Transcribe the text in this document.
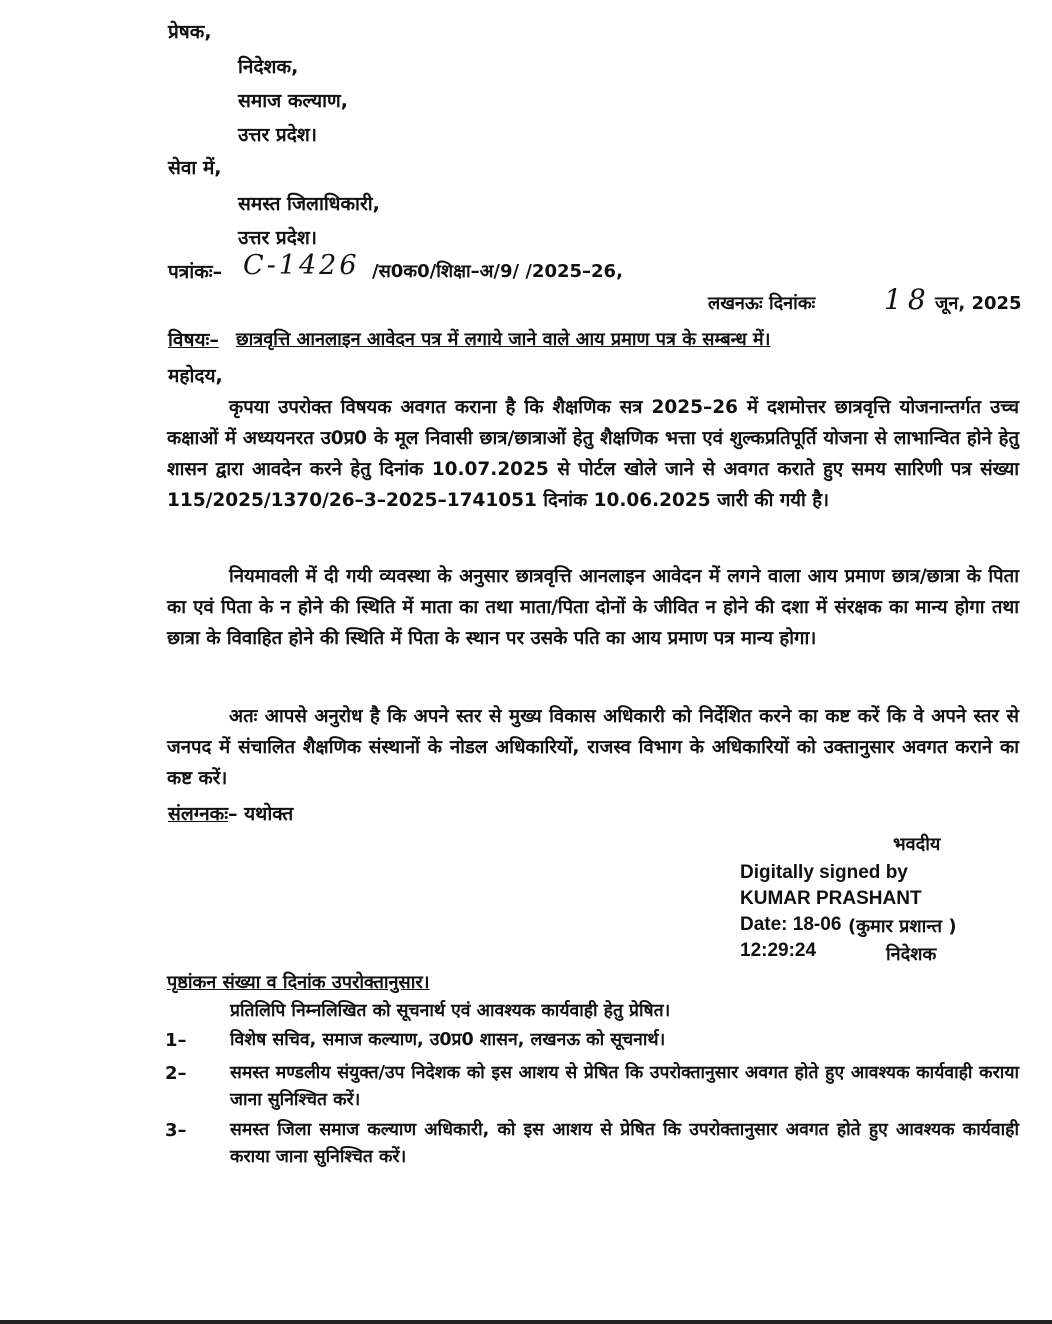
प्रेषक,
निदेशक,
समाज कल्याण,
उत्तर प्रदेश।
सेवा में,
समस्त जिलाधिकारी,
उत्तर प्रदेश।
पत्रांकः– C-1426 /स0क0/शिक्षा–अ/9/ /2025–26,
लखनऊः दिनांकः 18 जून, 2025
विषयः– छात्रवृत्ति आनलाइन आवेदन पत्र में लगाये जाने वाले आय प्रमाण पत्र के सम्बन्ध में।
महोदय,
कृपया उपरोक्त विषयक अवगत कराना है कि शैक्षणिक सत्र 2025–26 में दशमोत्तर छात्रवृत्ति योजनान्तर्गत उच्च कक्षाओं में अध्ययनरत उ0प्र0 के मूल निवासी छात्र/छात्राओं हेतु शैक्षणिक भत्ता एवं शुल्कप्रतिपूर्ति योजना से लाभान्वित होने हेतु शासन द्वारा आवदेन करने हेतु दिनांक 10.07.2025 से पोर्टल खोले जाने से अवगत कराते हुए समय सारिणी पत्र संख्या 115/2025/1370/26–3–2025–1741051 दिनांक 10.06.2025 जारी की गयी है।
नियमावली में दी गयी व्यवस्था के अनुसार छात्रवृत्ति आनलाइन आवेदन में लगने वाला आय प्रमाण छात्र/छात्रा के पिता का एवं पिता के न होने की स्थिति में माता का तथा माता/पिता दोनों के जीवित न होने की दशा में संरक्षक का मान्य होगा तथा छात्रा के विवाहित होने की स्थिति में पिता के स्थान पर उसके पति का आय प्रमाण पत्र मान्य होगा।
अतः आपसे अनुरोध है कि अपने स्तर से मुख्य विकास अधिकारी को निर्देशित करने का कष्ट करें कि वे अपने स्तर से जनपद में संचालित शैक्षणिक संस्थानों के नोडल अधिकारियों, राजस्व विभाग के अधिकारियों को उक्तानुसार अवगत कराने का कष्ट करें।
संलग्नकः– यथोक्त
भवदीय
Digitally signed by
KUMAR PRASHANT
Date: 18-06 (कुमार प्रशान्त )
12:29:24	निदेशक
पृष्ठांकन संख्या व दिनांक उपरोक्तानुसार।
प्रतिलिपि निम्नलिखित को सूचनार्थ एवं आवश्यक कार्यवाही हेतु प्रेषित।
1– विशेष सचिव, समाज कल्याण, उ0प्र0 शासन, लखनऊ को सूचनार्थ।
2– समस्त मण्डलीय संयुक्त/उप निदेशक को इस आशय से प्रेषित कि उपरोक्तानुसार अवगत होते हुए आवश्यक कार्यवाही कराया जाना सुनिश्चित करें।
3– समस्त जिला समाज कल्याण अधिकारी, को इस आशय से प्रेषित कि उपरोक्तानुसार अवगत होते हुए आवश्यक कार्यवाही कराया जाना सुनिश्चित करें।
